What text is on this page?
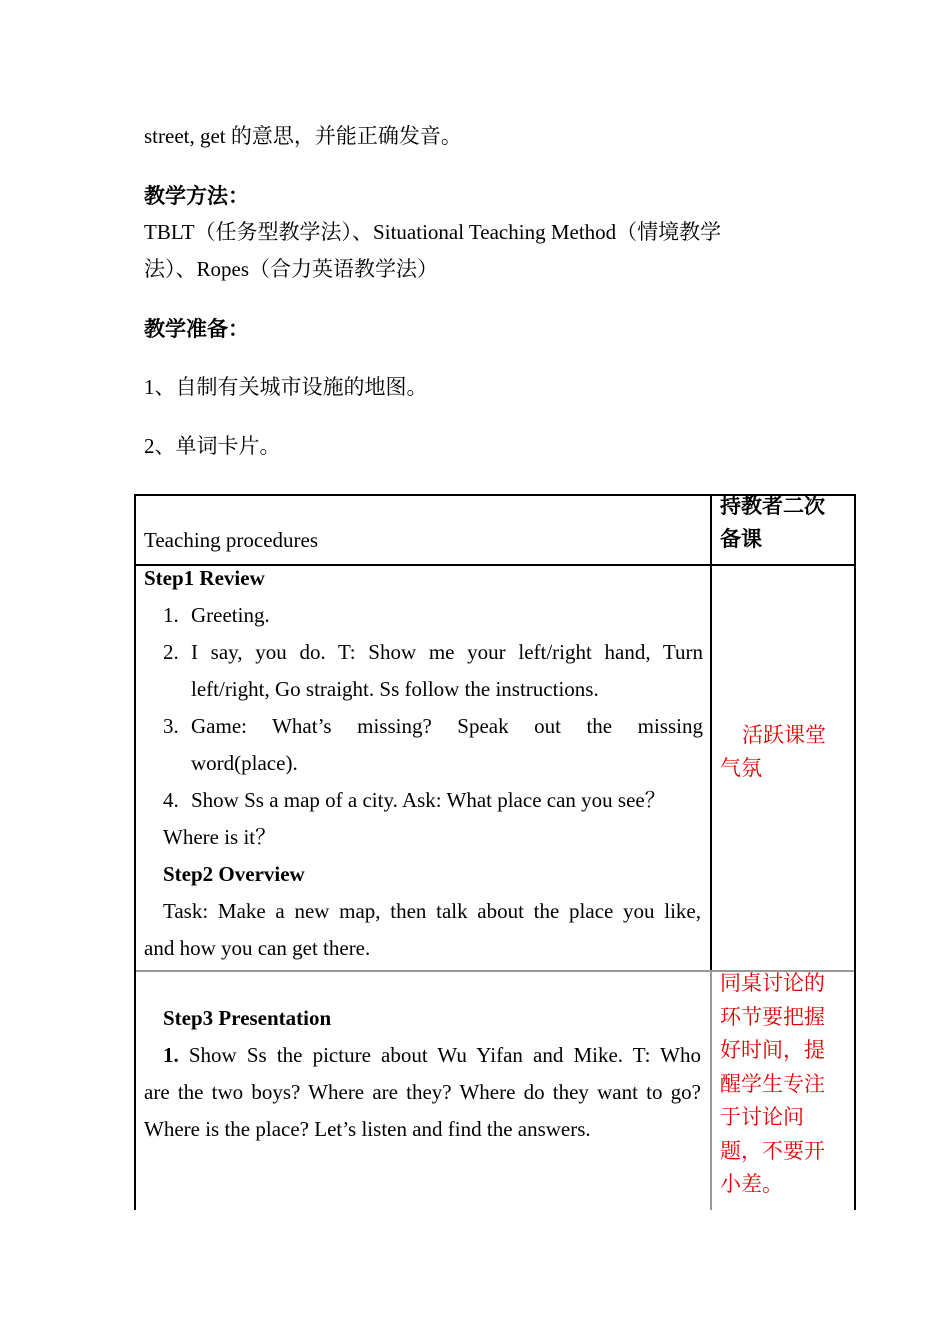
street, get 的意思，并能正确发音。
教学方法：
TBLT（任务型教学法）、Situational Teaching Method（情境教学
法）、Ropes（合力英语教学法）
教学准备：
1、自制有关城市设施的地图。
2、单词卡片。
Teaching procedures
持教者二次
备课
Step1 Review
1. Greeting.
2. I say, you do. T: Show me your left/right hand, Turn
left/right, Go straight. Ss follow the instructions.
3. Game: What’s missing? Speak out the missing
word(place).
4. Show Ss a map of a city. Ask: What place can you see？
Where is it？
Step2 Overview
Task: Make a new map, then talk about the place you like,
and how you can get there.
活跃课堂
气氛
Step3 Presentation
1. Show Ss the picture about Wu Yifan and Mike. T: Who
are the two boys? Where are they? Where do they want to go?
Where is the place? Let’s listen and find the answers.
同桌讨论的
环节要把握
好时间，提
醒学生专注
于讨论问
题，不要开
小差。
